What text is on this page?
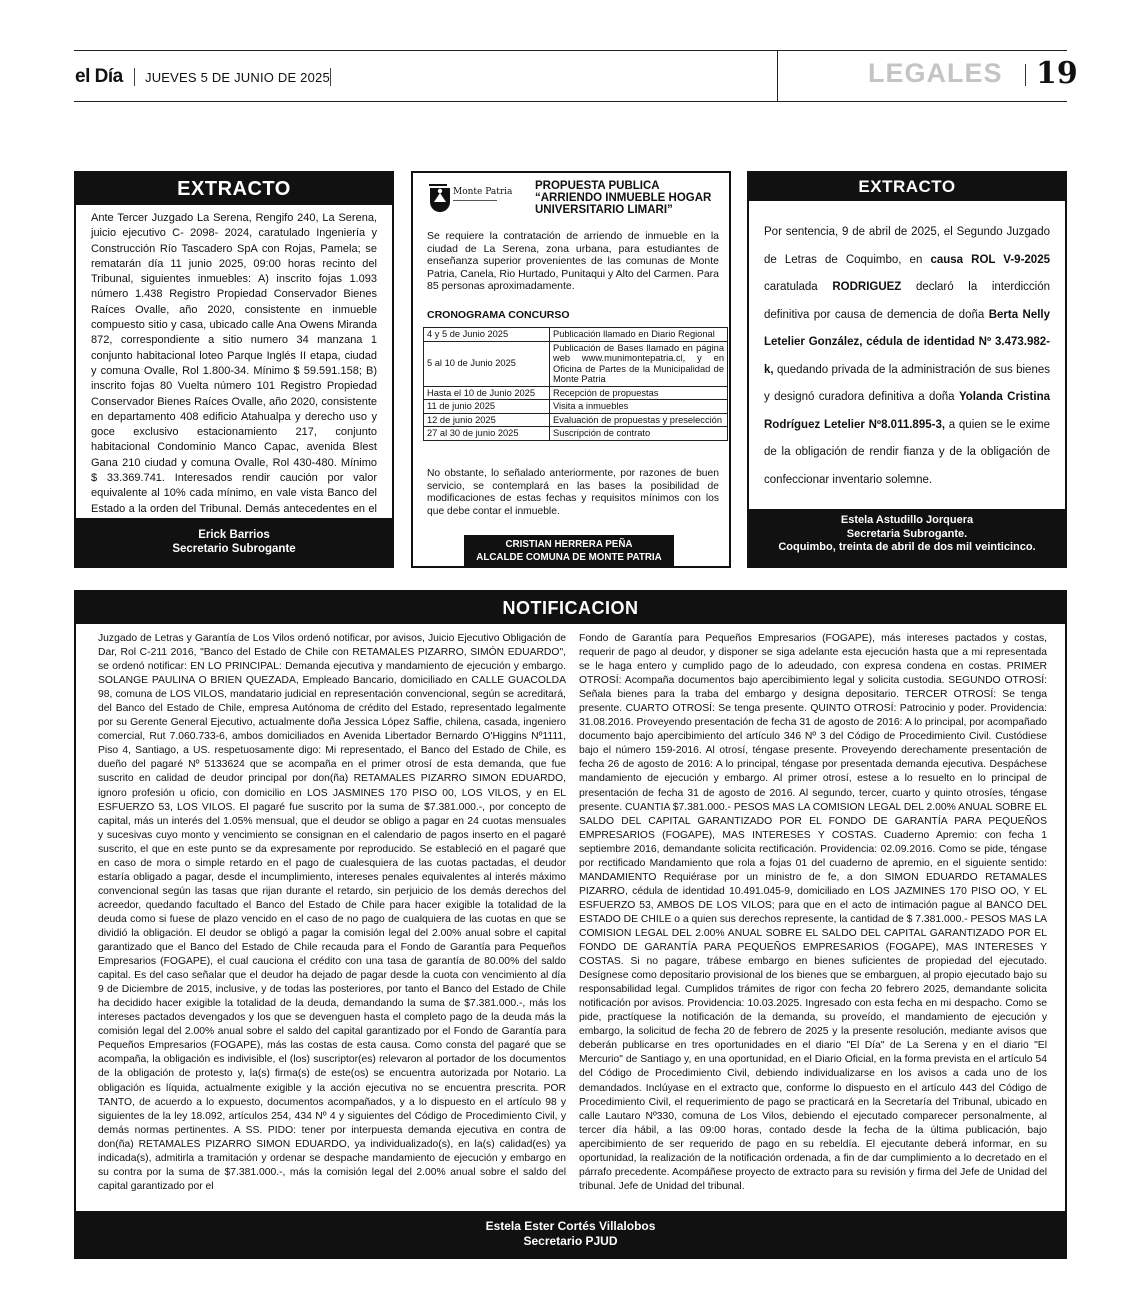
el Día JUEVES 5 DE JUNIO DE 2025	LEGALES 19
EXTRACTO
Ante Tercer Juzgado La Serena, Rengifo 240, La Serena, juicio ejecutivo C- 2098- 2024, caratulado Ingeniería y Construcción Río Tascadero SpA con Rojas, Pamela; se rematarán día 11 junio 2025, 09:00 horas recinto del Tribunal, siguientes inmuebles: A) inscrito fojas 1.093 número 1.438 Registro Propiedad Conservador Bienes Raíces Ovalle, año 2020, consistente en inmueble compuesto sitio y casa, ubicado calle Ana Owens Miranda 872, correspondiente a sitio numero 34 manzana 1 conjunto habitacional loteo Parque Inglés II etapa, ciudad y comuna Ovalle, Rol 1.800-34. Mínimo $ 59.591.158; B) inscrito fojas 80 Vuelta número 101 Registro Propiedad Conservador Bienes Raíces Ovalle, año 2020, consistente en departamento 408 edificio Atahualpa y derecho uso y goce exclusivo estacionamiento 217, conjunto habitacional Condominio Manco Capac, avenida Blest Gana 210 ciudad y comuna Ovalle, Rol 430-480. Mínimo $ 33.369.741. Interesados rendir caución por valor equivalente al 10% cada mínimo, en vale vista Banco del Estado a la orden del Tribunal. Demás antecedentes en el
Erick Barrios
Secretario Subrogante
Monte Patria PROPUESTA PUBLICA
“ARRIENDO INMUEBLE HOGAR UNIVERSITARIO LIMARI”
Se requiere la contratación de arriendo de inmueble en la ciudad de La Serena, zona urbana, para estudiantes de enseñanza superior provenientes de las comunas de Monte Patria, Canela, Rio Hurtado, Punitaqui y Alto del Carmen. Para 85 personas aproximadamente.
CRONOGRAMA CONCURSO
4 y 5 de Junio 2025	Publicación llamado en Diario Regional
5 al 10 de Junio 2025	Publicación de Bases llamado en página web www.munimontepatria.cl, y en Oficina de Partes de la Municipalidad de Monte Patria
Hasta el 10 de Junio 2025	Recepción de propuestas
11 de junio 2025	Visita a inmuebles
12 de junio 2025	Evaluación de propuestas y preselección
27 al 30 de junio 2025	Suscripción de contrato
No obstante, lo señalado anteriormente, por razones de buen servicio, se contemplará en las bases la posibilidad de modificaciones de estas fechas y requisitos mínimos con los que debe contar el inmueble.
CRISTIAN HERRERA PEÑA
ALCALDE COMUNA DE MONTE PATRIA
EXTRACTO
Por sentencia, 9 de abril de 2025, el Segundo Juzgado de Letras de Coquimbo, en causa ROL V-9-2025 caratulada RODRIGUEZ declaró la interdicción definitiva por causa de demencia de doña Berta Nelly Letelier González, cédula de identidad Nº 3.473.982-k, quedando privada de la administración de sus bienes y designó curadora definitiva a doña Yolanda Cristina Rodríguez Letelier Nº8.011.895-3, a quien se le exime de la obligación de rendir fianza y de la obligación de confeccionar inventario solemne.
Estela Astudillo Jorquera
Secretaria Subrogante.
Coquimbo, treinta de abril de dos mil veinticinco.
NOTIFICACION
Juzgado de Letras y Garantía de Los Vilos ordenó notificar, por avisos, Juicio Ejecutivo Obligación de Dar, Rol C-211 2016, "Banco del Estado de Chile con RETAMALES PIZARRO, SIMÓN EDUARDO", se ordenó notificar: EN LO PRINCIPAL: Demanda ejecutiva y mandamiento de ejecución y embargo. SOLANGE PAULINA O BRIEN QUEZADA, Empleado Bancario, domiciliado en CALLE GUACOLDA 98, comuna de LOS VILOS, mandatario judicial en representación convencional, según se acreditará, del Banco del Estado de Chile, empresa Autónoma de crédito del Estado, representado legalmente por su Gerente General Ejecutivo, actualmente doña Jessica López Saffie, chilena, casada, ingeniero comercial, Rut 7.060.733-6, ambos domiciliados en Avenida Libertador Bernardo O'Higgins Nº1111, Piso 4, Santiago, a US. respetuosamente digo: Mi representado, el Banco del Estado de Chile, es dueño del pagaré Nº 5133624 que se acompaña en el primer otrosí de esta demanda, que fue suscrito en calidad de deudor principal por don(ña) RETAMALES PIZARRO SIMON EDUARDO, ignoro profesión u oficio, con domicilio en LOS JASMINES 170 PISO 00, LOS VILOS, y en EL ESFUERZO 53, LOS VILOS. El pagaré fue suscrito por la suma de $7.381.000.-, por concepto de capital, más un interés del 1.05% mensual, que el deudor se obligo a pagar en 24 cuotas mensuales y sucesivas cuyo monto y vencimiento se consignan en el calendario de pagos inserto en el pagaré suscrito, el que en este punto se da expresamente por reproducido. Se estableció en el pagaré que en caso de mora o simple retardo en el pago de cualesquiera de las cuotas pactadas, el deudor estaría obligado a pagar, desde el incumplimiento, intereses penales equivalentes al interés máximo convencional según las tasas que rijan durante el retardo, sin perjuicio de los demás derechos del acreedor, quedando facultado el Banco del Estado de Chile para hacer exigible la totalidad de la deuda como si fuese de plazo vencido en el caso de no pago de cualquiera de las cuotas en que se dividió la obligación. El deudor se obligó a pagar la comisión legal del 2.00% anual sobre el capital garantizado que el Banco del Estado de Chile recauda para el Fondo de Garantía para Pequeños Empresarios (FOGAPE), el cual cauciona el crédito con una tasa de garantía de 80.00% del saldo capital. Es del caso señalar que el deudor ha dejado de pagar desde la cuota con vencimiento al día 9 de Diciembre de 2015, inclusive, y de todas las posteriores, por tanto el Banco del Estado de Chile ha decidido hacer exigible la totalidad de la deuda, demandando la suma de $7.381.000.-, más los intereses pactados devengados y los que se devenguen hasta el completo pago de la deuda más la comisión legal del 2.00% anual sobre el saldo del capital garantizado por el Fondo de Garantía para Pequeños Empresarios (FOGAPE), más las costas de esta causa. Como consta del pagaré que se acompaña, la obligación es indivisible, el (los) suscriptor(es) relevaron al portador de los documentos de la obligación de protesto y, la(s) firma(s) de este(os) se encuentra autorizada por Notario. La obligación es líquida, actualmente exigible y la acción ejecutiva no se encuentra prescrita. POR TANTO, de acuerdo a lo expuesto, documentos acompañados, y a lo dispuesto en el artículo 98 y siguientes de la ley 18.092, artículos 254, 434 Nº 4 y siguientes del Código de Procedimiento Civil, y demás normas pertinentes. A SS. PIDO: tener por interpuesta demanda ejecutiva en contra de don(ña) RETAMALES PIZARRO SIMON EDUARDO, ya individualizado(s), en la(s) calidad(es) ya indicada(s), admitirla a tramitación y ordenar se despache mandamiento de ejecución y embargo en su contra por la suma de $7.381.000.-, más la comisión legal del 2.00% anual sobre el saldo del capital garantizado por el
Fondo de Garantía para Pequeños Empresarios (FOGAPE), más intereses pactados y costas, requerir de pago al deudor, y disponer se siga adelante esta ejecución hasta que a mi representada se le haga entero y cumplido pago de lo adeudado, con expresa condena en costas. PRIMER OTROSÍ: Acompaña documentos bajo apercibimiento legal y solicita custodia. SEGUNDO OTROSÍ: Señala bienes para la traba del embargo y designa depositario. TERCER OTROSÍ: Se tenga presente. CUARTO OTROSÍ: Se tenga presente. QUINTO OTROSÍ: Patrocinio y poder. Providencia: 31.08.2016. Proveyendo presentación de fecha 31 de agosto de 2016: A lo principal, por acompañado documento bajo apercibimiento del artículo 346 Nº 3 del Código de Procedimiento Civil. Custódiese bajo el número 159-2016. Al otrosí, téngase presente. Proveyendo derechamente presentación de fecha 26 de agosto de 2016: A lo principal, téngase por presentada demanda ejecutiva. Despáchese mandamiento de ejecución y embargo. Al primer otrosí, estese a lo resuelto en lo principal de presentación de fecha 31 de agosto de 2016. Al segundo, tercer, cuarto y quinto otrosíes, téngase presente. CUANTIA $7.381.000.- PESOS MAS LA COMISION LEGAL DEL 2.00% ANUAL SOBRE EL SALDO DEL CAPITAL GARANTIZADO POR EL FONDO DE GARANTÍA PARA PEQUEÑOS EMPRESARIOS (FOGAPE), MAS INTERESES Y COSTAS. Cuaderno Apremio: con fecha 1 septiembre 2016, demandante solicita rectificación. Providencia: 02.09.2016. Como se pide, téngase por rectificado Mandamiento que rola a fojas 01 del cuaderno de apremio, en el siguiente sentido: MANDAMIENTO Requiérase por un ministro de fe, a don SIMON EDUARDO RETAMALES PIZARRO, cédula de identidad 10.491.045-9, domiciliado en LOS JAZMINES 170 PISO OO, Y EL ESFUERZO 53, AMBOS DE LOS VILOS; para que en el acto de intimación pague al BANCO DEL ESTADO DE CHILE o a quien sus derechos represente, la cantidad de $ 7.381.000.- PESOS MAS LA COMISION LEGAL DEL 2.00% ANUAL SOBRE EL SALDO DEL CAPITAL GARANTIZADO POR EL FONDO DE GARANTÍA PARA PEQUEÑOS EMPRESARIOS (FOGAPE), MAS INTERESES Y COSTAS. Si no pagare, trábese embargo en bienes suficientes de propiedad del ejecutado. Desígnese como depositario provisional de los bienes que se embarguen, al propio ejecutado bajo su responsabilidad legal. Cumplidos trámites de rigor con fecha 20 febrero 2025, demandante solicita notificación por avisos. Providencia: 10.03.2025. Ingresado con esta fecha en mi despacho. Como se pide, practíquese la notificación de la demanda, su proveído, el mandamiento de ejecución y embargo, la solicitud de fecha 20 de febrero de 2025 y la presente resolución, mediante avisos que deberán publicarse en tres oportunidades en el diario "El Día" de La Serena y en el diario "El Mercurio" de Santiago y, en una oportunidad, en el Diario Oficial, en la forma prevista en el artículo 54 del Código de Procedimiento Civil, debiendo individualizarse en los avisos a cada uno de los demandados. Inclúyase en el extracto que, conforme lo dispuesto en el artículo 443 del Código de Procedimiento Civil, el requerimiento de pago se practicará en la Secretaría del Tribunal, ubicado en calle Lautaro Nº330, comuna de Los Vilos, debiendo el ejecutado comparecer personalmente, al tercer día hábil, a las 09:00 horas, contado desde la fecha de la última publicación, bajo apercibimiento de ser requerido de pago en su rebeldía. El ejecutante deberá informar, en su oportunidad, la realización de la notificación ordenada, a fin de dar cumplimiento a lo decretado en el párrafo precedente. Acompáñese proyecto de extracto para su revisión y firma del Jefe de Unidad del tribunal. Jefe de Unidad del tribunal.
Estela Ester Cortés Villalobos
Secretario PJUD
